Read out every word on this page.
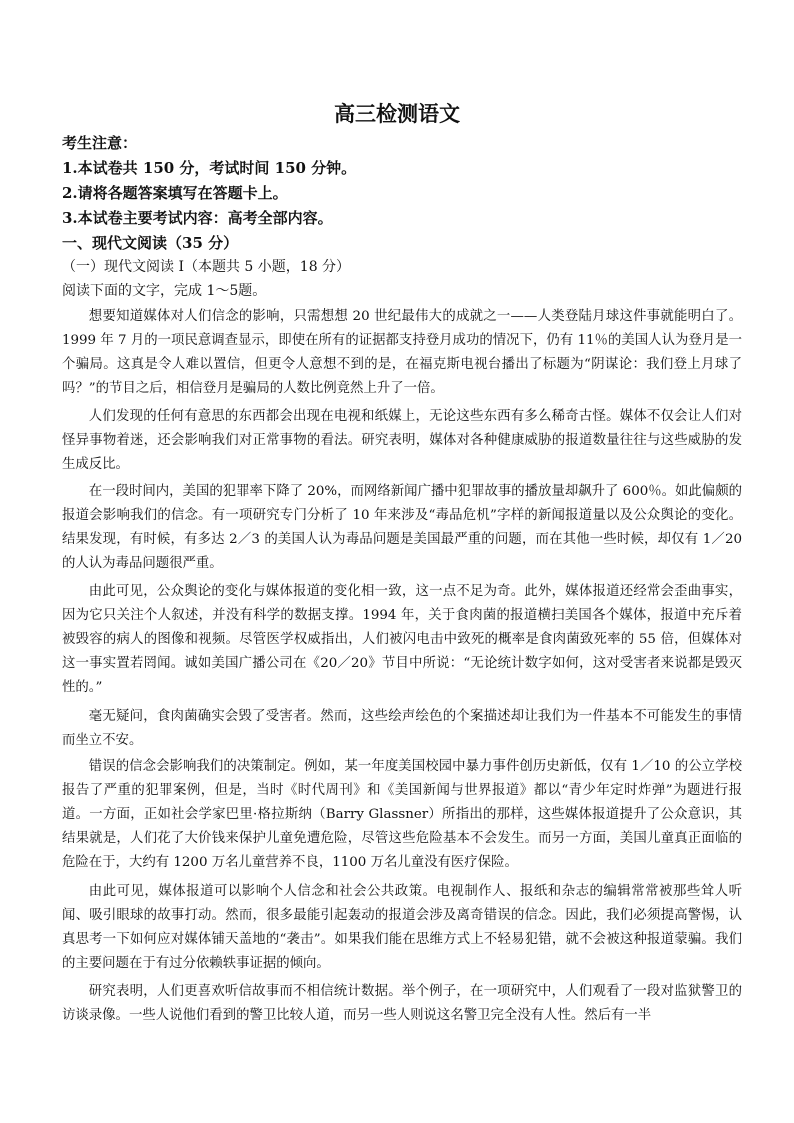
高三检测语文
考生注意：
1.本试卷共 150 分，考试时间 150 分钟。
2.请将各题答案填写在答题卡上。
3.本试卷主要考试内容：高考全部内容。
一、现代文阅读（35 分）
（一）现代文阅读 I（本题共 5 小题，18 分）
阅读下面的文字，完成 1～5题。

想要知道媒体对人们信念的影响，只需想想 20 世纪最伟大的成就之一——人类登陆月球这件事就能明白了。1999 年 7 月的一项民意调查显示，即使在所有的证据都支持登月成功的情况下，仍有 11％的美国人认为登月是一个骗局。这真是令人难以置信，但更令人意想不到的是，在福克斯电视台播出了标题为“阴谋论：我们登上月球了吗？”的节目之后，相信登月是骗局的人数比例竟然上升了一倍。

人们发现的任何有意思的东西都会出现在电视和纸媒上，无论这些东西有多么稀奇古怪。媒体不仅会让人们对怪异事物着迷，还会影响我们对正常事物的看法。研究表明，媒体对各种健康威胁的报道数量往往与这些威胁的发生成反比。

在一段时间内，美国的犯罪率下降了 20%，而网络新闻广播中犯罪故事的播放量却飙升了 600％。如此偏颇的报道会影响我们的信念。有一项研究专门分析了 10 年来涉及“毒品危机”字样的新闻报道量以及公众舆论的变化。结果发现，有时候，有多达 2／3 的美国人认为毒品问题是美国最严重的问题，而在其他一些时候，却仅有 1／20 的人认为毒品问题很严重。

由此可见，公众舆论的变化与媒体报道的变化相一致，这一点不足为奇。此外，媒体报道还经常会歪曲事实，因为它只关注个人叙述，并没有科学的数据支撑。1994 年，关于食肉菌的报道横扫美国各个媒体，报道中充斥着被毁容的病人的图像和视频。尽管医学权威指出，人们被闪电击中致死的概率是食肉菌致死率的 55 倍，但媒体对这一事实置若罔闻。诚如美国广播公司在《20／20》节目中所说：“无论统计数字如何，这对受害者来说都是毁灭性的。”

毫无疑问，食肉菌确实会毁了受害者。然而，这些绘声绘色的个案描述却让我们为一件基本不可能发生的事情而坐立不安。

错误的信念会影响我们的决策制定。例如，某一年度美国校园中暴力事件创历史新低，仅有 1／10 的公立学校报告了严重的犯罪案例，但是，当时《时代周刊》和《美国新闻与世界报道》都以“青少年定时炸弹”为题进行报道。一方面，正如社会学家巴里·格拉斯纳（Barry Glassner）所指出的那样，这些媒体报道提升了公众意识，其结果就是，人们花了大价钱来保护儿童免遭危险，尽管这些危险基本不会发生。而另一方面，美国儿童真正面临的危险在于，大约有 1200 万名儿童营养不良，1100 万名儿童没有医疗保险。

由此可见，媒体报道可以影响个人信念和社会公共政策。电视制作人、报纸和杂志的编辑常常被那些耸人听闻、吸引眼球的故事打动。然而，很多最能引起轰动的报道会涉及离奇错误的信念。因此，我们必须提高警惕，认真思考一下如何应对媒体铺天盖地的“袭击”。如果我们能在思维方式上不轻易犯错，就不会被这种报道蒙骗。我们的主要问题在于有过分依赖轶事证据的倾向。

研究表明，人们更喜欢听信故事而不相信统计数据。举个例子，在一项研究中，人们观看了一段对监狱警卫的访谈录像。一些人说他们看到的警卫比较人道，而另一些人则说这名警卫完全没有人性。然后有一半
